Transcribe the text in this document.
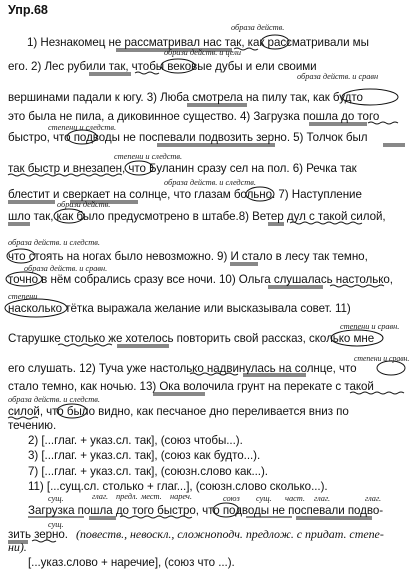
Упр.68
1) Незнакомец не рассматривал нас так, как рассматривали мы
его. 2) Лес рубили так, чтобы вековые дубы и ели своими
вершинами падали к югу. 3) Люба смотрела на пилу так, как будто
это была не пила, а диковинное существо. 4) Загрузка пошла до того
быстро, что подводы не поспевали подвозить зерно. 5) Толчок был
так быстр и внезапен, что Буланин сразу сел на пол. 6) Речка так
блестит и сверкает на солнце, что глазам больно. 7) Наступление
шло так, как было предусмотрено в штабе.8) Ветер дул с такой силой,
что стоять на ногах было невозможно. 9) И стало в лесу так темно,
точно в нём собрались сразу все ночи. 10) Ольга слушалась настолько,
насколько тётка выражала желание или высказывала совет. 11)
Старушке столько же хотелось повторить свой рассказ, сколько мне
его слушать. 12) Туча уже настолько надвинулась на солнце, что
стало темно, как ночью. 13) Ока волочила грунт на перекате с такой
силой, что было видно, как песчаное дно переливается вниз по
течению.
образа действ.
образа действ. и цели
образа действ. и сравн
степени и следств.
степени и следств.
образа действ. и следств.
образа действ.
образа действ. и следств.
образа действ. и сравн.
степени
степени и сравн.
степени и сравн.
образа действ. и следств.
2) [...глаг. + указ.сл. так], (союз чтобы...).
3) [...глаг. + указ.сл. так], (союз как будто...).
7) [...глаг. + указ.сл. так], (союзн.слово как...).
11) [...сущ.сл. столько + глаг...], (союзн.слово сколько...).
сущ.	глаг. предл. мест. нареч.	союз сущ. част. глаг.	глаг.
сущ.
Загрузка пошла до того быстро, что подводы не поспевали подво-
зить зерно. (повеств., невоскл., сложноподч. предлож. с придат. степе-
ни).
[...указ.слово + наречие], (союз что ...).
